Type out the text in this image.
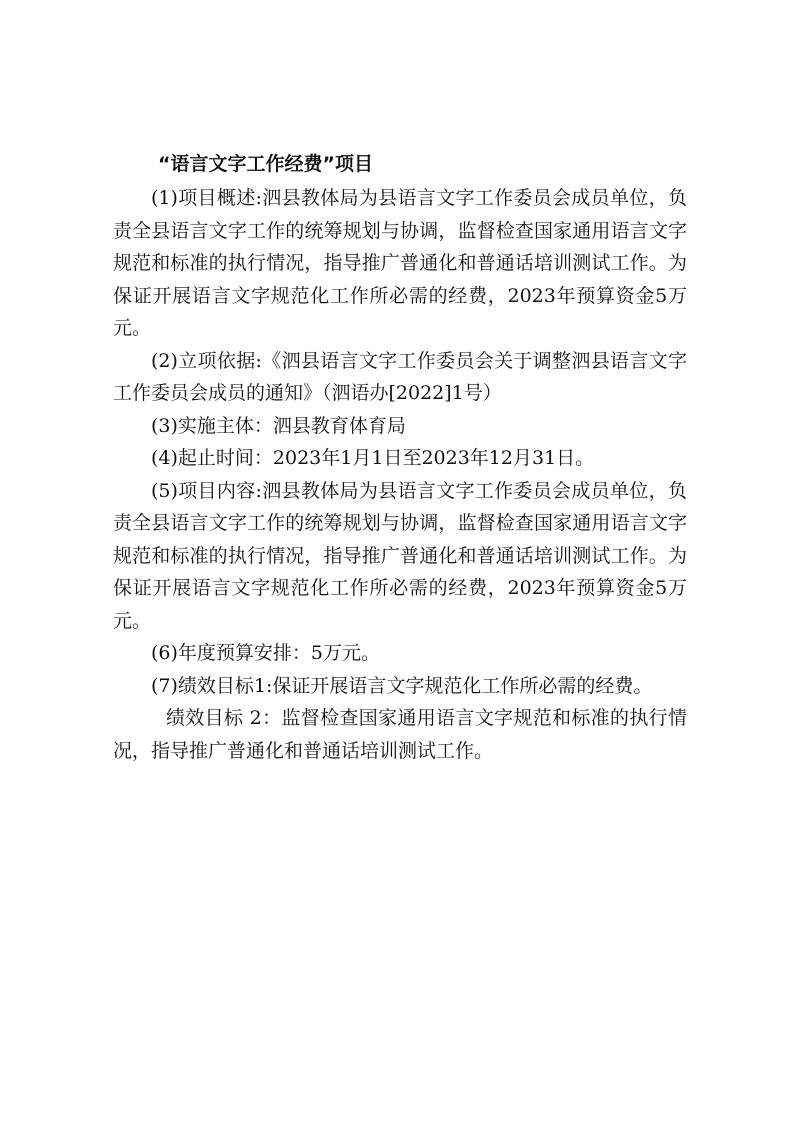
“语言文字工作经费”项目

(1)项目概述:泗县教体局为县语言文字工作委员会成员单位，负责全县语言文字工作的统筹规划与协调，监督检查国家通用语言文字规范和标准的执行情况，指导推广普通化和普通话培训测试工作。为保证开展语言文字规范化工作所必需的经费，2023年预算资金5万元。

(2)立项依据:《泗县语言文字工作委员会关于调整泗县语言文字工作委员会成员的通知》（泗语办[2022]1号）

(3)实施主体：泗县教育体育局

(4)起止时间：2023年1月1日至2023年12月31日。

(5)项目内容:泗县教体局为县语言文字工作委员会成员单位，负责全县语言文字工作的统筹规划与协调，监督检查国家通用语言文字规范和标准的执行情况，指导推广普通化和普通话培训测试工作。为保证开展语言文字规范化工作所必需的经费，2023年预算资金5万元。

(6)年度预算安排：5万元。

(7)绩效目标1:保证开展语言文字规范化工作所必需的经费。

绩效目标 2：监督检查国家通用语言文字规范和标准的执行情况，指导推广普通化和普通话培训测试工作。
